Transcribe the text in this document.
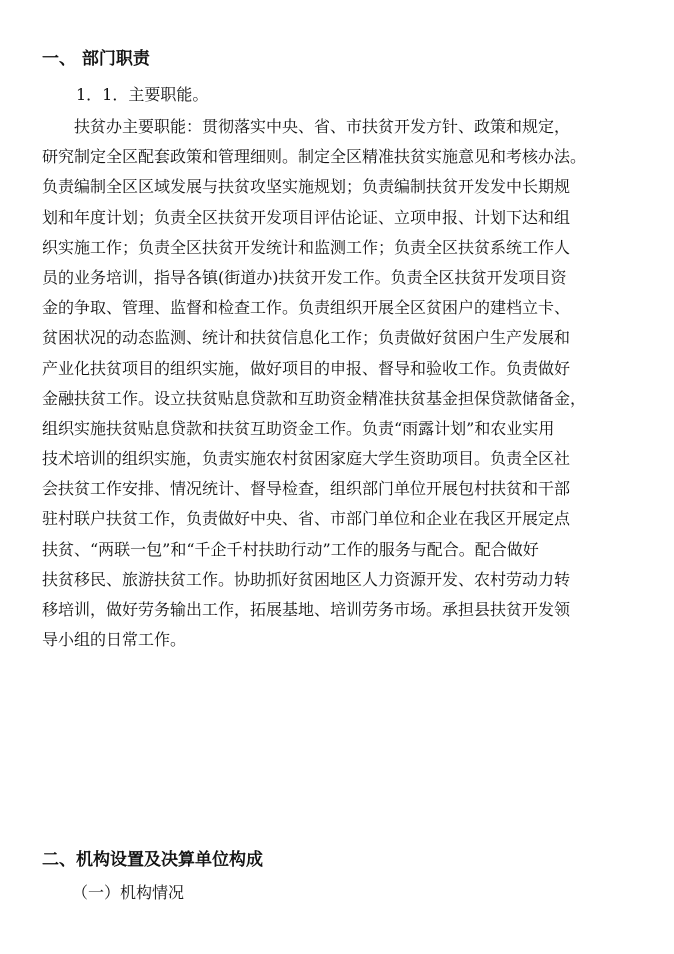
一、 部门职责
1．1．主要职能。
扶贫办主要职能：贯彻落实中央、省、市扶贫开发方针、政策和规定，
研究制定全区配套政策和管理细则。制定全区精准扶贫实施意见和考核办法。
负责编制全区区域发展与扶贫攻坚实施规划；负责编制扶贫开发发中长期规
划和年度计划；负责全区扶贫开发项目评估论证、立项申报、计划下达和组
织实施工作；负责全区扶贫开发统计和监测工作；负责全区扶贫系统工作人
员的业务培训，指导各镇(街道办)扶贫开发工作。负责全区扶贫开发项目资
金的争取、管理、监督和检查工作。负责组织开展全区贫困户的建档立卡、
贫困状况的动态监测、统计和扶贫信息化工作；负责做好贫困户生产发展和
产业化扶贫项目的组织实施，做好项目的申报、督导和验收工作。负责做好
金融扶贫工作。设立扶贫贴息贷款和互助资金精准扶贫基金担保贷款储备金，
组织实施扶贫贴息贷款和扶贫互助资金工作。负责“雨露计划”和农业实用
技术培训的组织实施，负责实施农村贫困家庭大学生资助项目。负责全区社
会扶贫工作安排、情况统计、督导检查，组织部门单位开展包村扶贫和干部
驻村联户扶贫工作，负责做好中央、省、市部门单位和企业在我区开展定点
扶贫、“两联一包”和“千企千村扶助行动”工作的服务与配合。配合做好
扶贫移民、旅游扶贫工作。协助抓好贫困地区人力资源开发、农村劳动力转
移培训，做好劳务输出工作，拓展基地、培训劳务市场。承担县扶贫开发领
导小组的日常工作。
二、机构设置及决算单位构成
（一）机构情况
